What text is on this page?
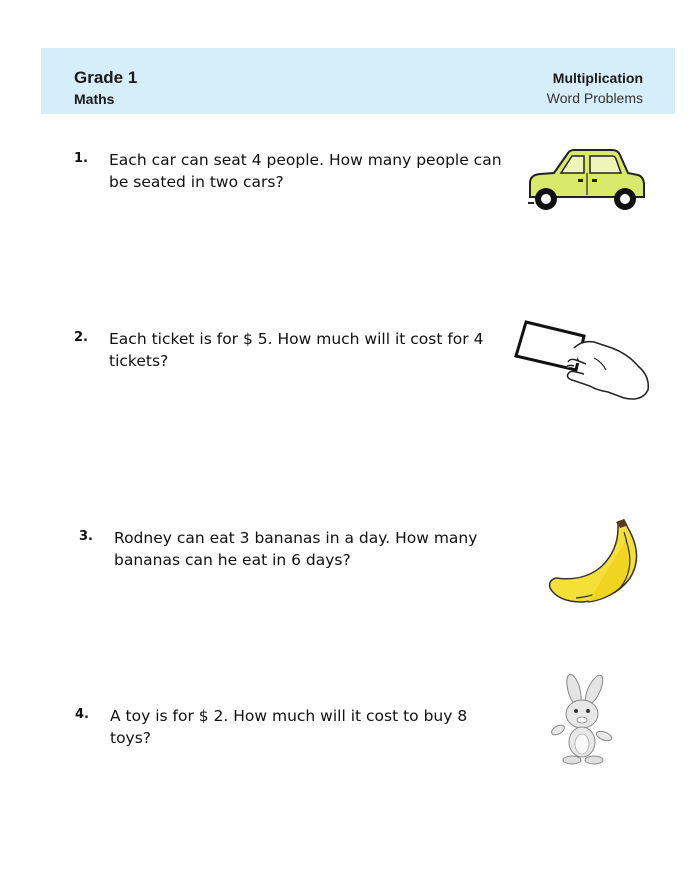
Grade 1
Maths
Multiplication
Word Problems
1. Each car can seat 4 people. How many people can be seated in two cars?
2. Each ticket is for $ 5. How much will it cost for 4 tickets?
3. Rodney can eat 3 bananas in a day. How many bananas can he eat in 6 days?
4. A toy is for $ 2. How much will it cost to buy 8 toys?
